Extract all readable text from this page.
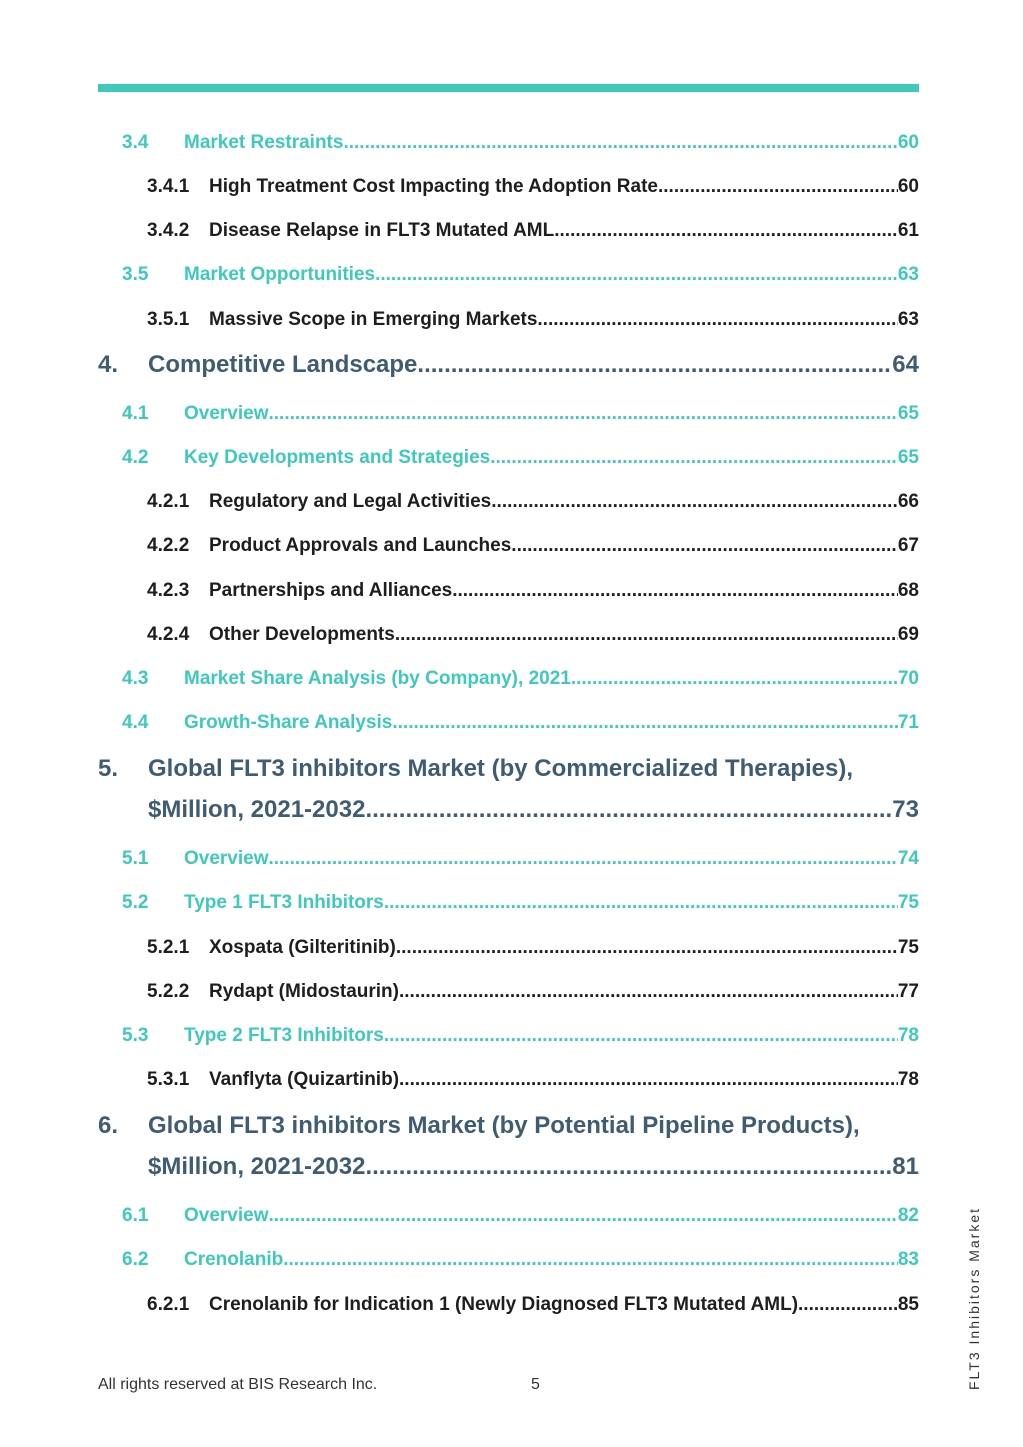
3.4	Market Restraints .....	60
3.4.1	High Treatment Cost Impacting the Adoption Rate .....	60
3.4.2	Disease Relapse in FLT3 Mutated AML .....	61
3.5	Market Opportunities .....	63
3.5.1	Massive Scope in Emerging Markets .....	63
4.	Competitive Landscape .....	64
4.1	Overview .....	65
4.2	Key Developments and Strategies .....	65
4.2.1	Regulatory and Legal Activities .....	66
4.2.2	Product Approvals and Launches .....	67
4.2.3	Partnerships and Alliances .....	68
4.2.4	Other Developments .....	69
4.3	Market Share Analysis (by Company), 2021 .....	70
4.4	Growth-Share Analysis .....	71
5.	Global FLT3 inhibitors Market (by Commercialized Therapies),
$Million, 2021-2032 .....	73
5.1	Overview .....	74
5.2	Type 1 FLT3 Inhibitors .....	75
5.2.1	Xospata (Gilteritinib) .....	75
5.2.2	Rydapt (Midostaurin) .....	77
5.3	Type 2 FLT3 Inhibitors .....	78
5.3.1	Vanflyta (Quizartinib) .....	78
6.	Global FLT3 inhibitors Market (by Potential Pipeline Products),
$Million, 2021-2032 .....	81
6.1	Overview .....	82
6.2	Crenolanib .....	83
6.2.1	Crenolanib for Indication 1 (Newly Diagnosed FLT3 Mutated AML) .....	85
All rights reserved at BIS Research Inc.	5	FLT3 Inhibitors Market
